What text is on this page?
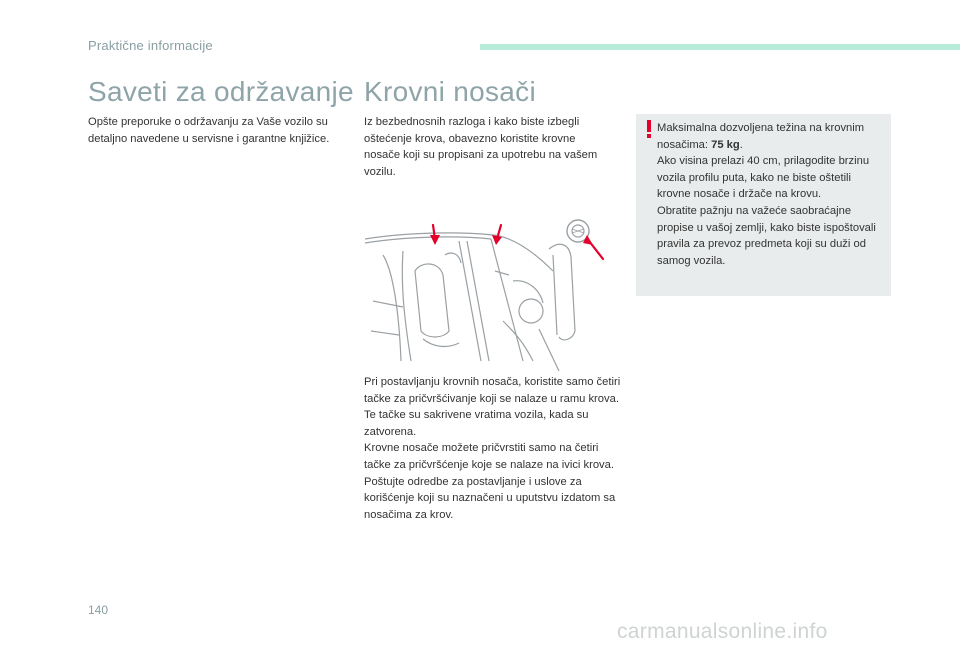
Praktične informacije
Saveti za održavanje

Opšte preporuke o održavanju za Vaše vozilo su detaljno navedene u servisne i garantne knjižice.

Krovni nosači

Iz bezbednosnih razloga i kako biste izbegli oštećenje krova, obavezno koristite krovne nosače koji su propisani za upotrebu na vašem vozilu.

Pri postavljanju krovnih nosača, koristite samo četiri tačke za pričvršćivanje koji se nalaze u ramu krova. Te tačke su sakrivene vratima vozila, kada su zatvorena.
Krovne nosače možete pričvrstiti samo na četiri tačke za pričvršćenje koje se nalaze na ivici krova.
Poštujte odredbe za postavljanje i uslove za korišćenje koji su naznačeni u uputstvu izdatom sa nosačima za krov.
Maksimalna dozvoljena težina na krovnim nosačima: 75 kg.
Ako visina prelazi 40 cm, prilagodite brzinu vozila profilu puta, kako ne biste oštetili krovne nosače i držače na krovu.
Obratite pažnju na važeće saobraćajne propise u vašoj zemlji, kako biste ispoštovali pravila za prevoz predmeta koji su duži od samog vozila.
140
carmanualsonline.info
